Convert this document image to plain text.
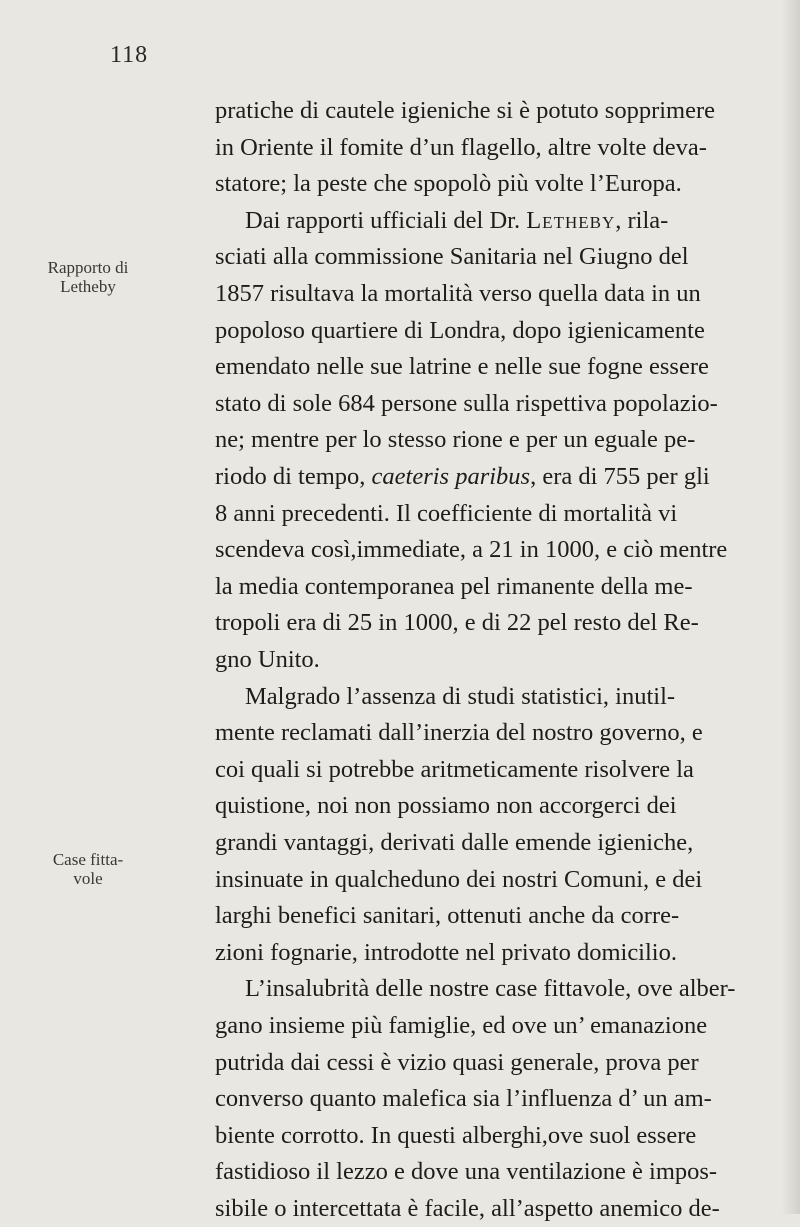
118
Rapporto di
Letheby
Case fitta-
vole
pratiche di cautele igieniche si è potuto sopprimere
in Oriente il fomite d’un flagello, altre volte deva-
statore; la peste che spopolò più volte l’Europa.
Dai rapporti ufficiali del Dr. Letheby, rila-
sciati alla commissione Sanitaria nel Giugno del
1857 risultava la mortalità verso quella data in un
popoloso quartiere di Londra, dopo igienicamente
emendato nelle sue latrine e nelle sue fogne essere
stato di sole 684 persone sulla rispettiva popolazio-
ne; mentre per lo stesso rione e per un eguale pe-
riodo di tempo, caeteris paribus, era di 755 per gli
8 anni precedenti. Il coefficiente di mortalità vi
scendeva così,immediate, a 21 in 1000, e ciò mentre
la media contemporanea pel rimanente della me-
tropoli era di 25 in 1000, e di 22 pel resto del Re-
gno Unito.
Malgrado l’assenza di studi statistici, inutil-
mente reclamati dall’inerzia del nostro governo, e
coi quali si potrebbe aritmeticamente risolvere la
quistione, noi non possiamo non accorgerci dei
grandi vantaggi, derivati dalle emende igieniche,
insinuate in qualcheduno dei nostri Comuni, e dei
larghi benefici sanitari, ottenuti anche da corre-
zioni fognarie, introdotte nel privato domicilio.
L’insalubrità delle nostre case fittavole, ove alber-
gano insieme più famiglie, ed ove un’ emanazione
putrida dai cessi è vizio quasi generale, prova per
converso quanto malefica sia l’influenza d’ un am-
biente corrotto. In questi alberghi,ove suol essere
fastidioso il lezzo e dove una ventilazione è impos-
sibile o intercettata è facile, all’aspetto anemico de-
